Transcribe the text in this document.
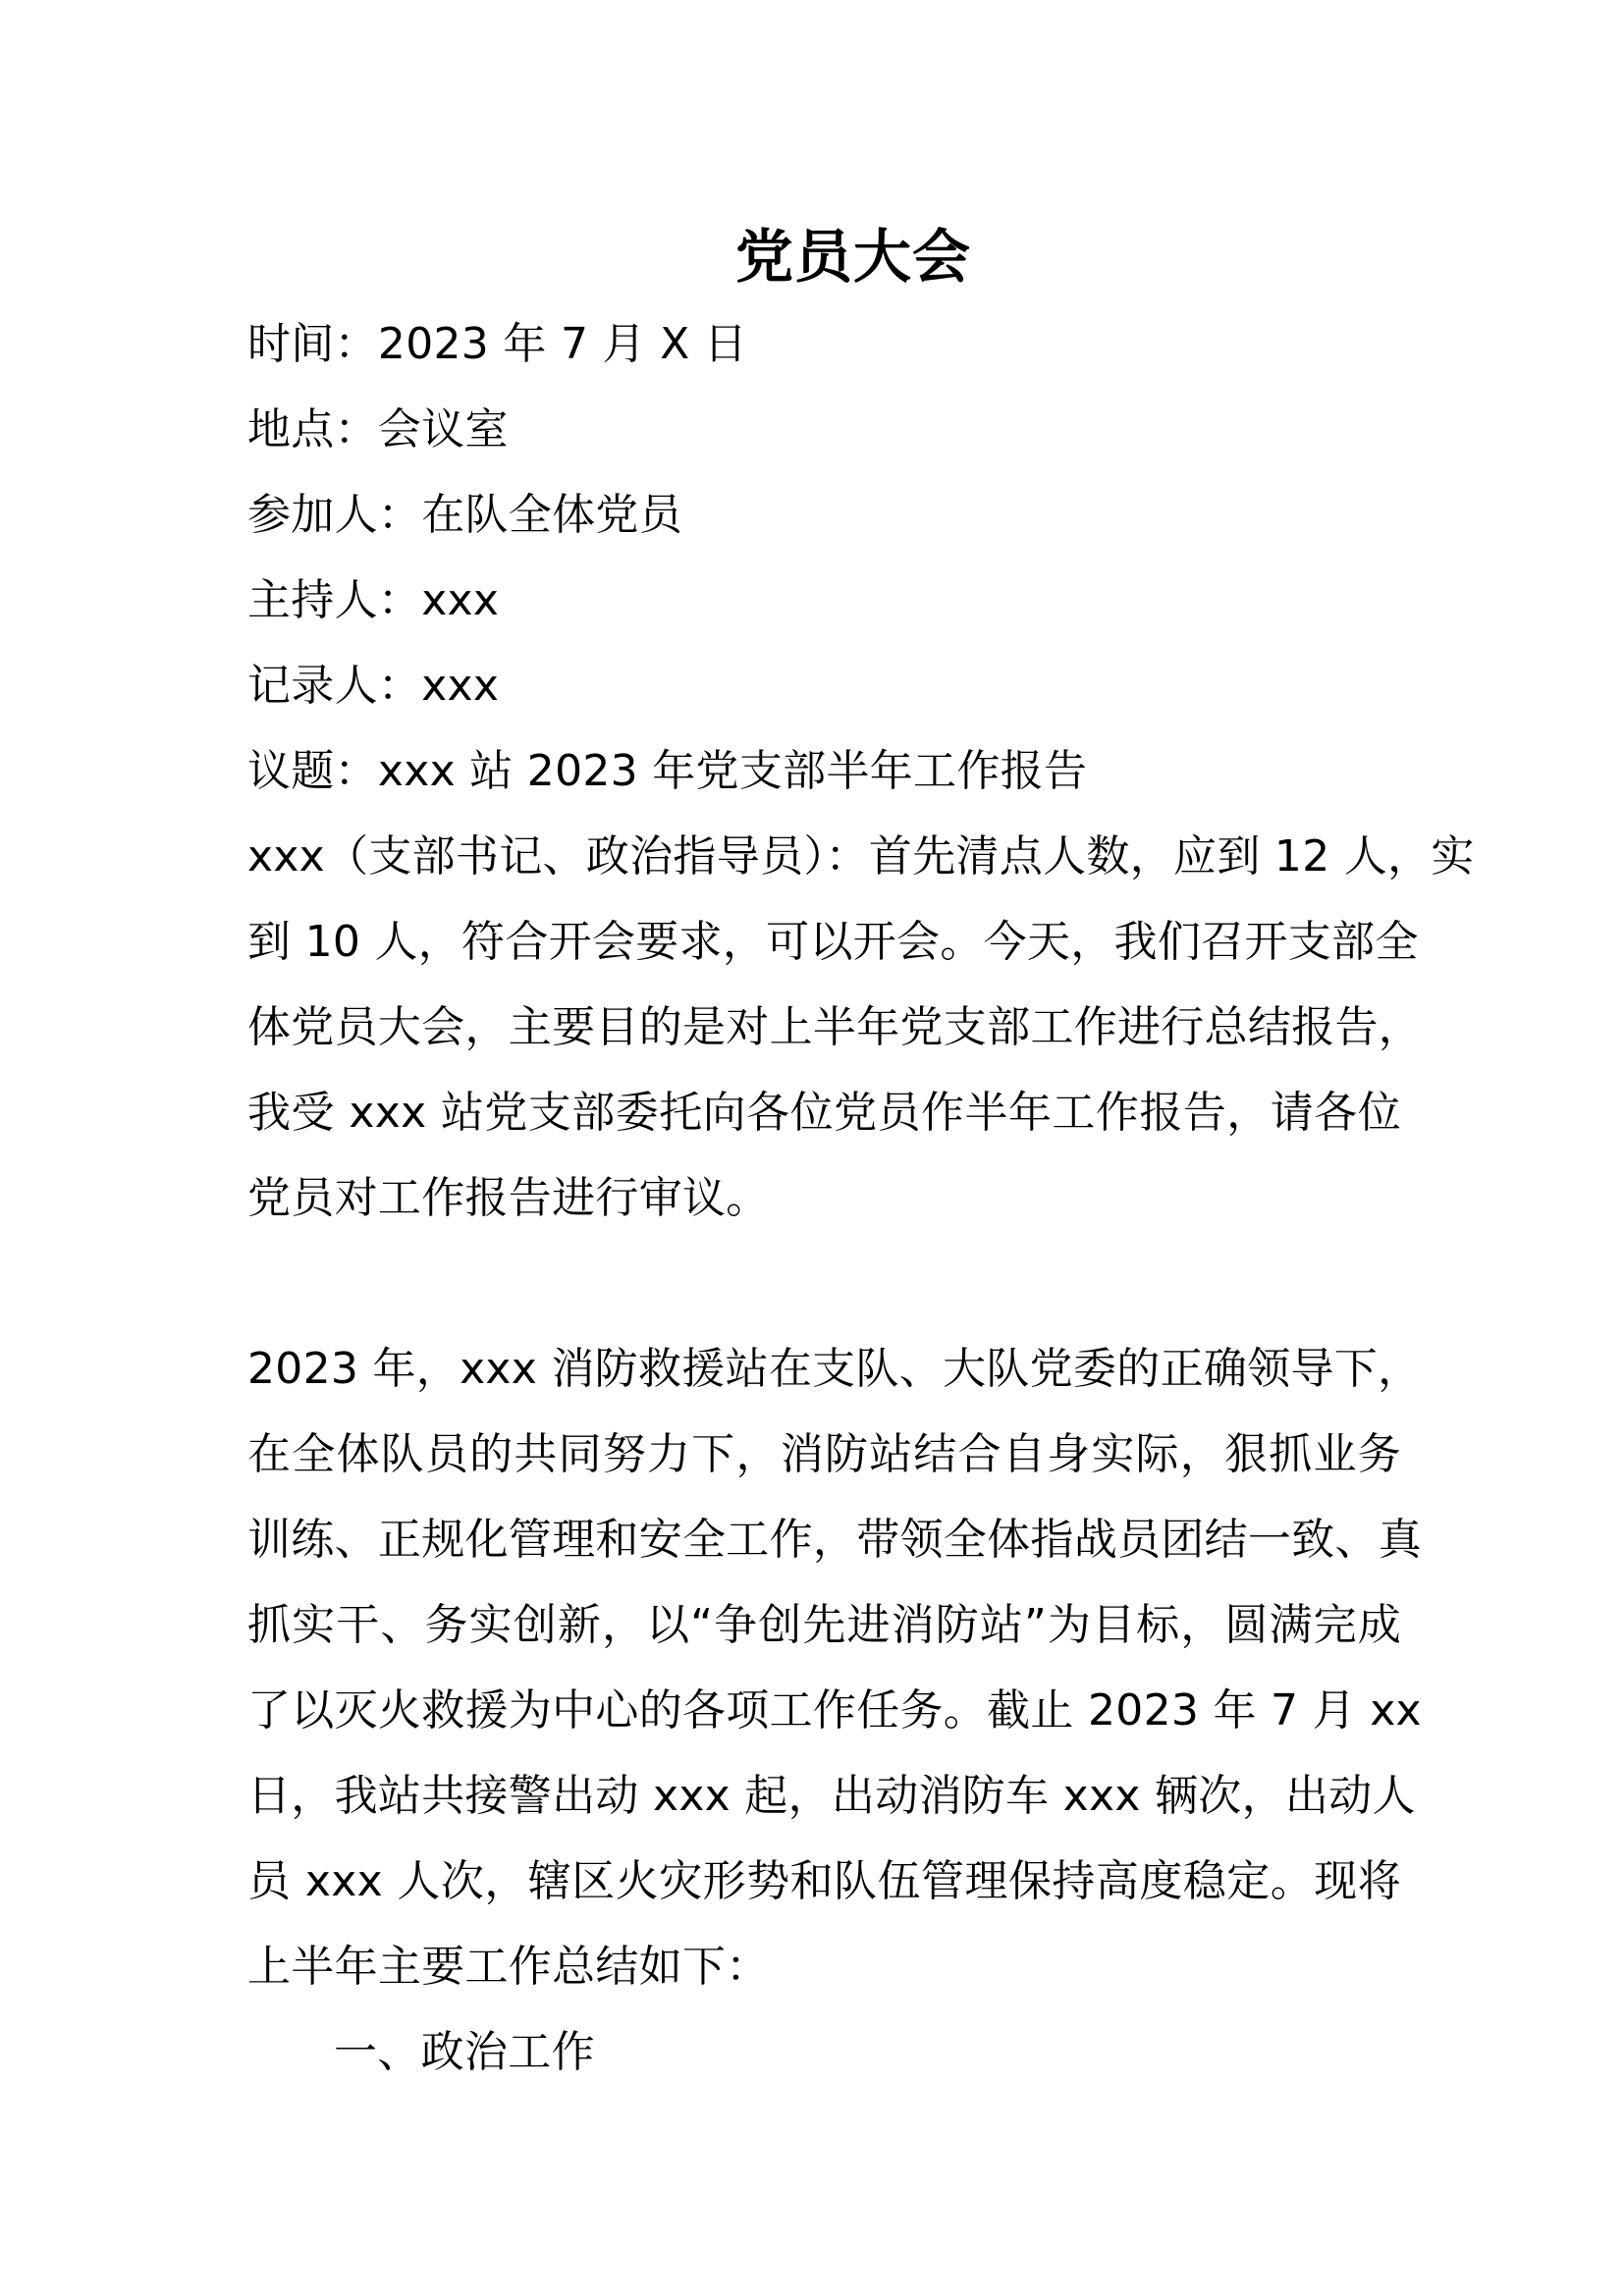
党员大会
时间：2023 年 7 月 X 日
地点：会议室
参加人：在队全体党员
主持人：xxx
记录人：xxx
议题：xxx 站 2023 年党支部半年工作报告
xxx（支部书记、政治指导员）：首先清点人数，应到 12 人，实
到 10 人，符合开会要求，可以开会。今天，我们召开支部全
体党员大会，主要目的是对上半年党支部工作进行总结报告，
我受 xxx 站党支部委托向各位党员作半年工作报告，请各位
党员对工作报告进行审议。
2023 年，xxx 消防救援站在支队、大队党委的正确领导下，
在全体队员的共同努力下，消防站结合自身实际，狠抓业务
训练、正规化管理和安全工作，带领全体指战员团结一致、真
抓实干、务实创新，以“争创先进消防站”为目标，圆满完成
了以灭火救援为中心的各项工作任务。截止 2023 年 7 月 xx
日，我站共接警出动 xxx 起，出动消防车 xxx 辆次，出动人
员 xxx 人次，辖区火灾形势和队伍管理保持高度稳定。现将
上半年主要工作总结如下：
一、政治工作
